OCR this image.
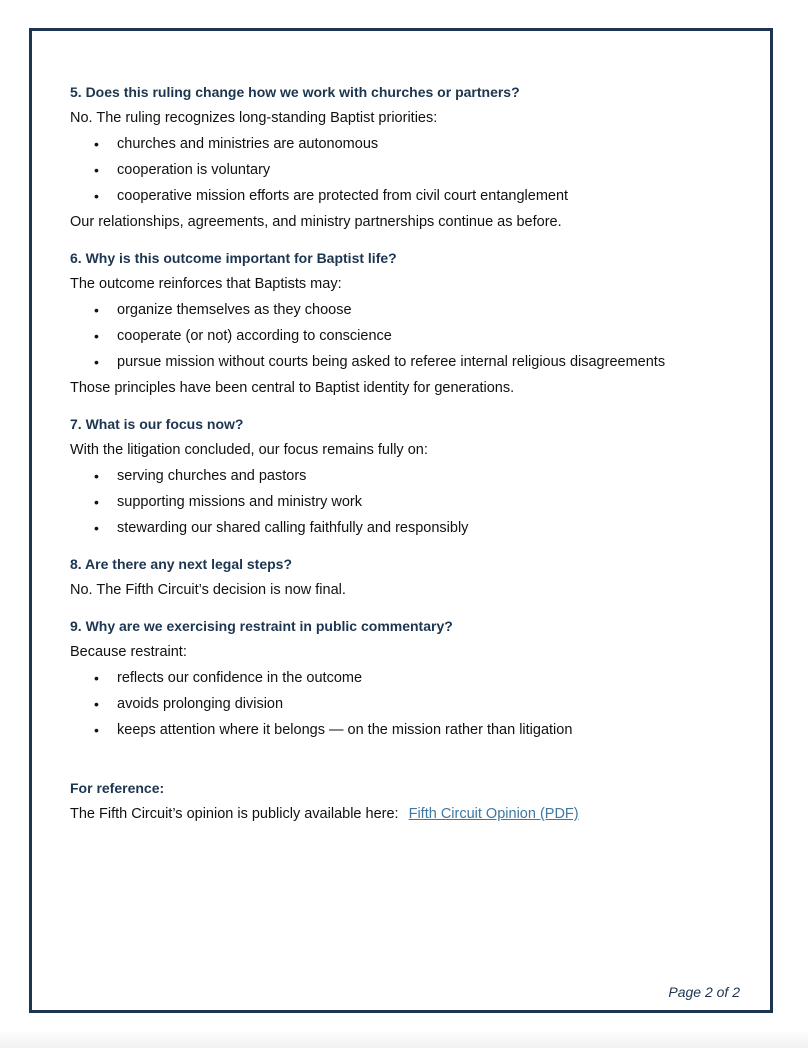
5. Does this ruling change how we work with churches or partners?

No. The ruling recognizes long-standing Baptist priorities:

• churches and ministries are autonomous
• cooperation is voluntary
• cooperative mission efforts are protected from civil court entanglement

Our relationships, agreements, and ministry partnerships continue as before.

6. Why is this outcome important for Baptist life?

The outcome reinforces that Baptists may:

• organize themselves as they choose
• cooperate (or not) according to conscience
• pursue mission without courts being asked to referee internal religious disagreements

Those principles have been central to Baptist identity for generations.

7. What is our focus now?

With the litigation concluded, our focus remains fully on:

• serving churches and pastors
• supporting missions and ministry work
• stewarding our shared calling faithfully and responsibly

8. Are there any next legal steps?

No. The Fifth Circuit’s decision is now final.

9. Why are we exercising restraint in public commentary?

Because restraint:

• reflects our confidence in the outcome
• avoids prolonging division
• keeps attention where it belongs — on the mission rather than litigation

For reference:

The Fifth Circuit’s opinion is publicly available here: Fifth Circuit Opinion (PDF)

Page 2 of 2
